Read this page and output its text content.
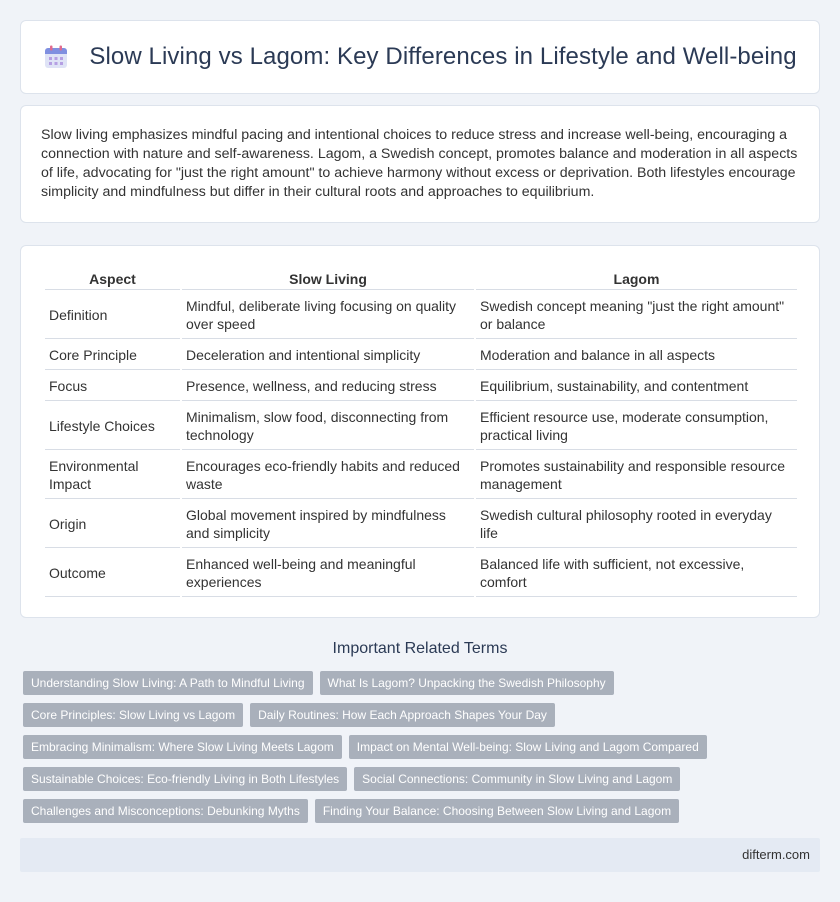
Slow Living vs Lagom: Key Differences in Lifestyle and Well-being

Slow living emphasizes mindful pacing and intentional choices to reduce stress and increase well-being, encouraging a connection with nature and self-awareness. Lagom, a Swedish concept, promotes balance and moderation in all aspects of life, advocating for "just the right amount" to achieve harmony without excess or deprivation. Both lifestyles encourage simplicity and mindfulness but differ in their cultural roots and approaches to equilibrium.

Aspect	Slow Living	Lagom
Definition	Mindful, deliberate living focusing on quality over speed	Swedish concept meaning "just the right amount" or balance
Core Principle	Deceleration and intentional simplicity	Moderation and balance in all aspects
Focus	Presence, wellness, and reducing stress	Equilibrium, sustainability, and contentment
Lifestyle Choices	Minimalism, slow food, disconnecting from technology	Efficient resource use, moderate consumption, practical living
Environmental Impact	Encourages eco-friendly habits and reduced waste	Promotes sustainability and responsible resource management
Origin	Global movement inspired by mindfulness and simplicity	Swedish cultural philosophy rooted in everyday life
Outcome	Enhanced well-being and meaningful experiences	Balanced life with sufficient, not excessive, comfort
Important Related Terms
Understanding Slow Living: A Path to Mindful Living	What Is Lagom? Unpacking the Swedish Philosophy
Core Principles: Slow Living vs Lagom	Daily Routines: How Each Approach Shapes Your Day
Embracing Minimalism: Where Slow Living Meets Lagom	Impact on Mental Well-being: Slow Living and Lagom Compared
Sustainable Choices: Eco-friendly Living in Both Lifestyles	Social Connections: Community in Slow Living and Lagom
Challenges and Misconceptions: Debunking Myths	Finding Your Balance: Choosing Between Slow Living and Lagom
difterm.com
